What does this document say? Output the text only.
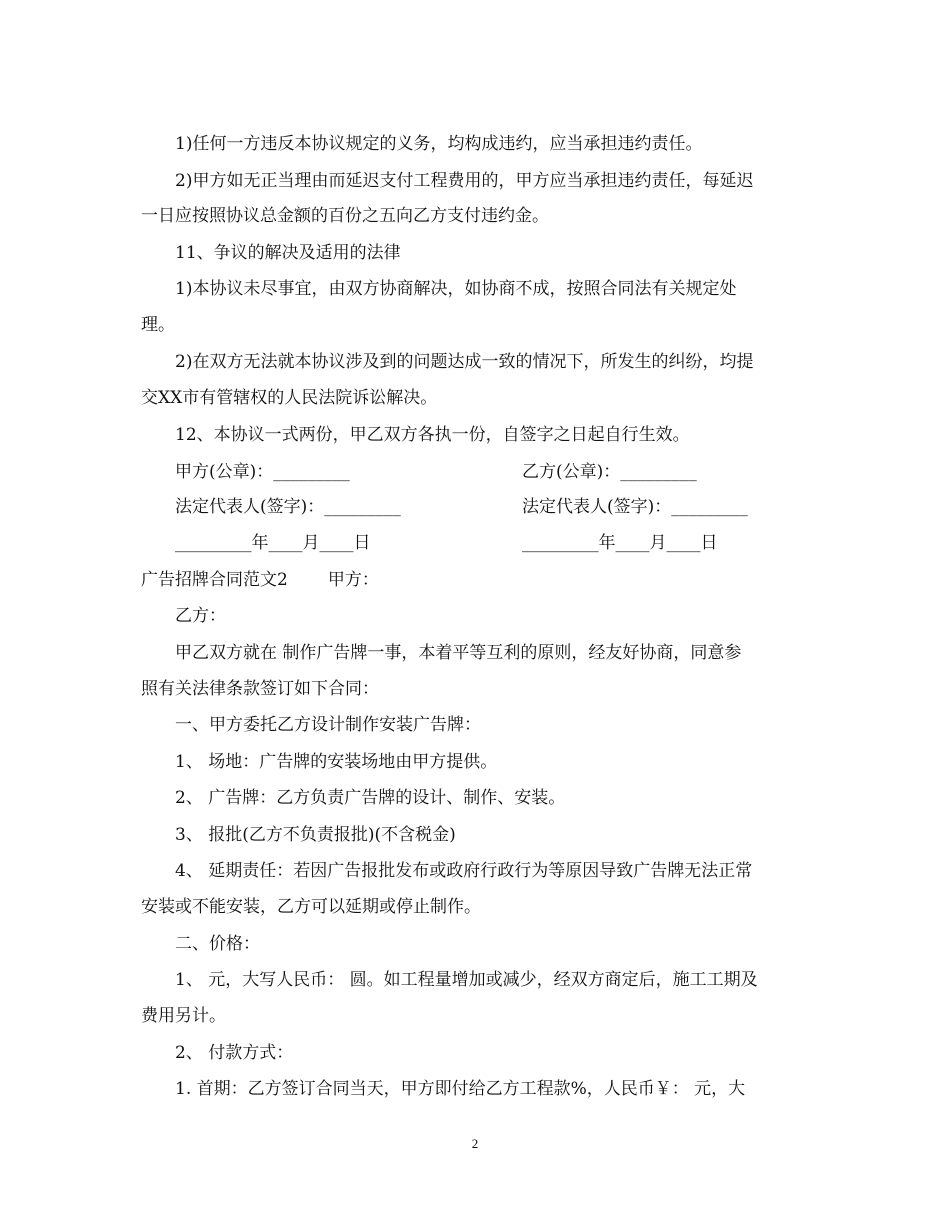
1)任何一方违反本协议规定的义务，均构成违约，应当承担违约责任。
2)甲方如无正当理由而延迟支付工程费用的，甲方应当承担违约责任，每延迟
一日应按照协议总金额的百份之五向乙方支付违约金。
11、争议的解决及适用的法律
1)本协议未尽事宜，由双方协商解决，如协商不成，按照合同法有关规定处
理。
2)在双方无法就本协议涉及到的问题达成一致的情况下，所发生的纠纷，均提
交XX市有管辖权的人民法院诉讼解决。
12、本协议一式两份，甲乙双方各执一份，自签字之日起自行生效。
甲方(公章)：_________	乙方(公章)：_________
法定代表人(签字)：_________	法定代表人(签字)：_________
_________年____月____日	_________年____月____日
广告招牌合同范文2 甲方：
乙方：
甲乙双方就在 制作广告牌一事，本着平等互利的原则，经友好协商，同意参
照有关法律条款签订如下合同：
一、甲方委托乙方设计制作安装广告牌：
1、 场地：广告牌的安装场地由甲方提供。
2、 广告牌：乙方负责广告牌的设计、制作、安装。
3、 报批(乙方不负责报批)(不含税金)
4、 延期责任：若因广告报批发布或政府行政行为等原因导致广告牌无法正常
安装或不能安装，乙方可以延期或停止制作。
二、价格：
1、 元，大写人民币： 圆。如工程量增加或减少，经双方商定后，施工工期及
费用另计。
2、 付款方式：
1. 首期：乙方签订合同当天，甲方即付给乙方工程款%，人民币￥： 元，大
2
